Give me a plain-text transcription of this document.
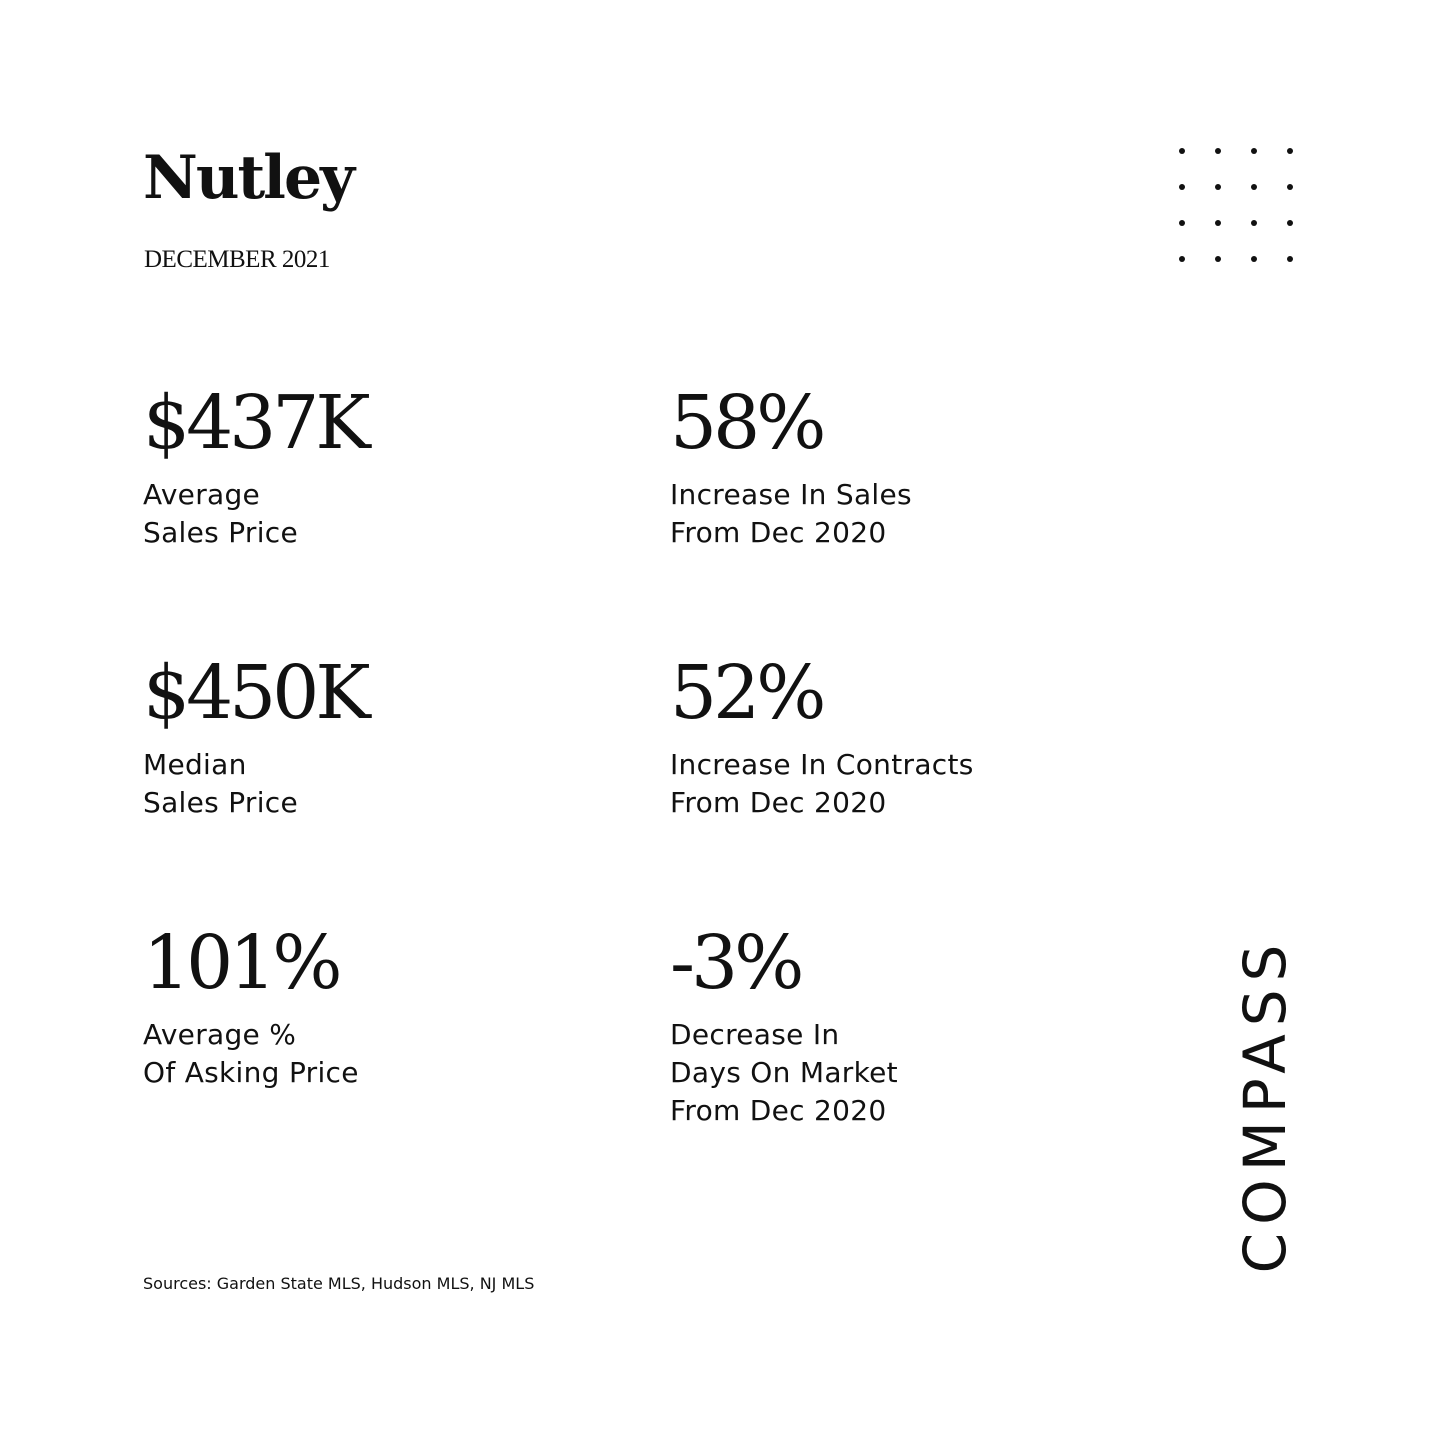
Nutley
DECEMBER 2021
$437K
Average
Sales Price
58%
Increase In Sales
From Dec 2020
$450K
Median
Sales Price
52%
Increase In Contracts
From Dec 2020
101%
Average %
Of Asking Price
-3%
Decrease In
Days On Market
From Dec 2020
Sources: Garden State MLS, Hudson MLS, NJ MLS
COMPASS
